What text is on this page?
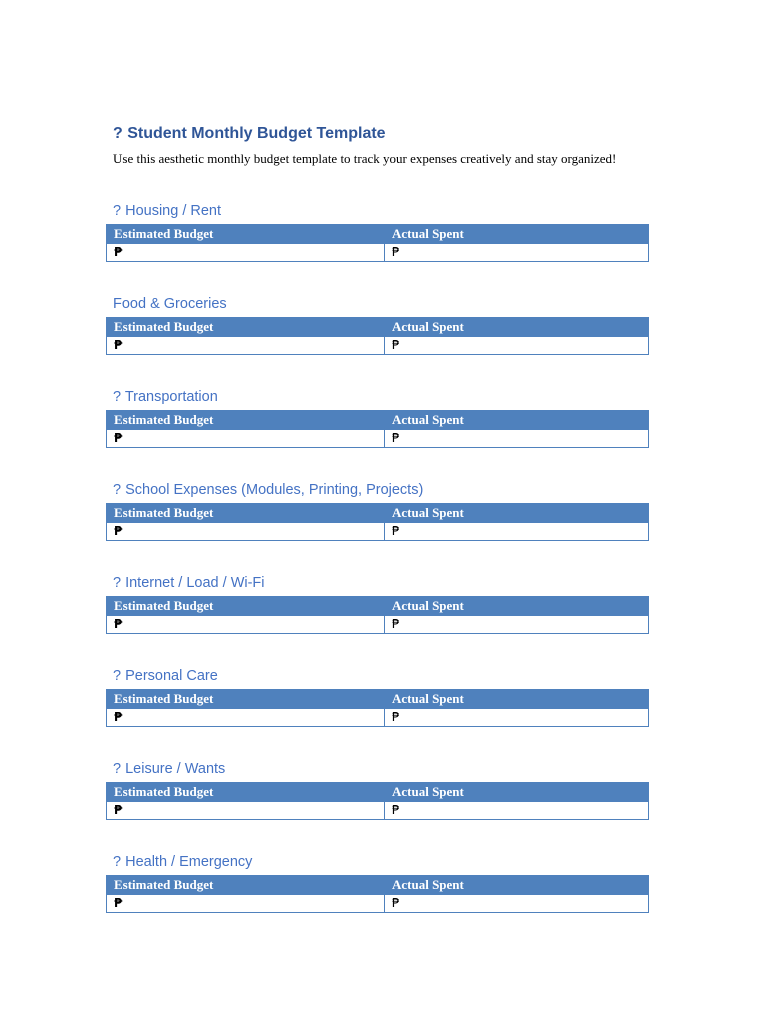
? Student Monthly Budget Template
Use this aesthetic monthly budget template to track your expenses creatively and stay organized!
? Housing / Rent
Estimated Budget	Actual Spent
₱	₱
Food & Groceries
Estimated Budget	Actual Spent
₱	₱
? Transportation
Estimated Budget	Actual Spent
₱	₱
? School Expenses (Modules, Printing, Projects)
Estimated Budget	Actual Spent
₱	₱
? Internet / Load / Wi-Fi
Estimated Budget	Actual Spent
₱	₱
? Personal Care
Estimated Budget	Actual Spent
₱	₱
? Leisure / Wants
Estimated Budget	Actual Spent
₱	₱
? Health / Emergency
Estimated Budget	Actual Spent
₱	₱
